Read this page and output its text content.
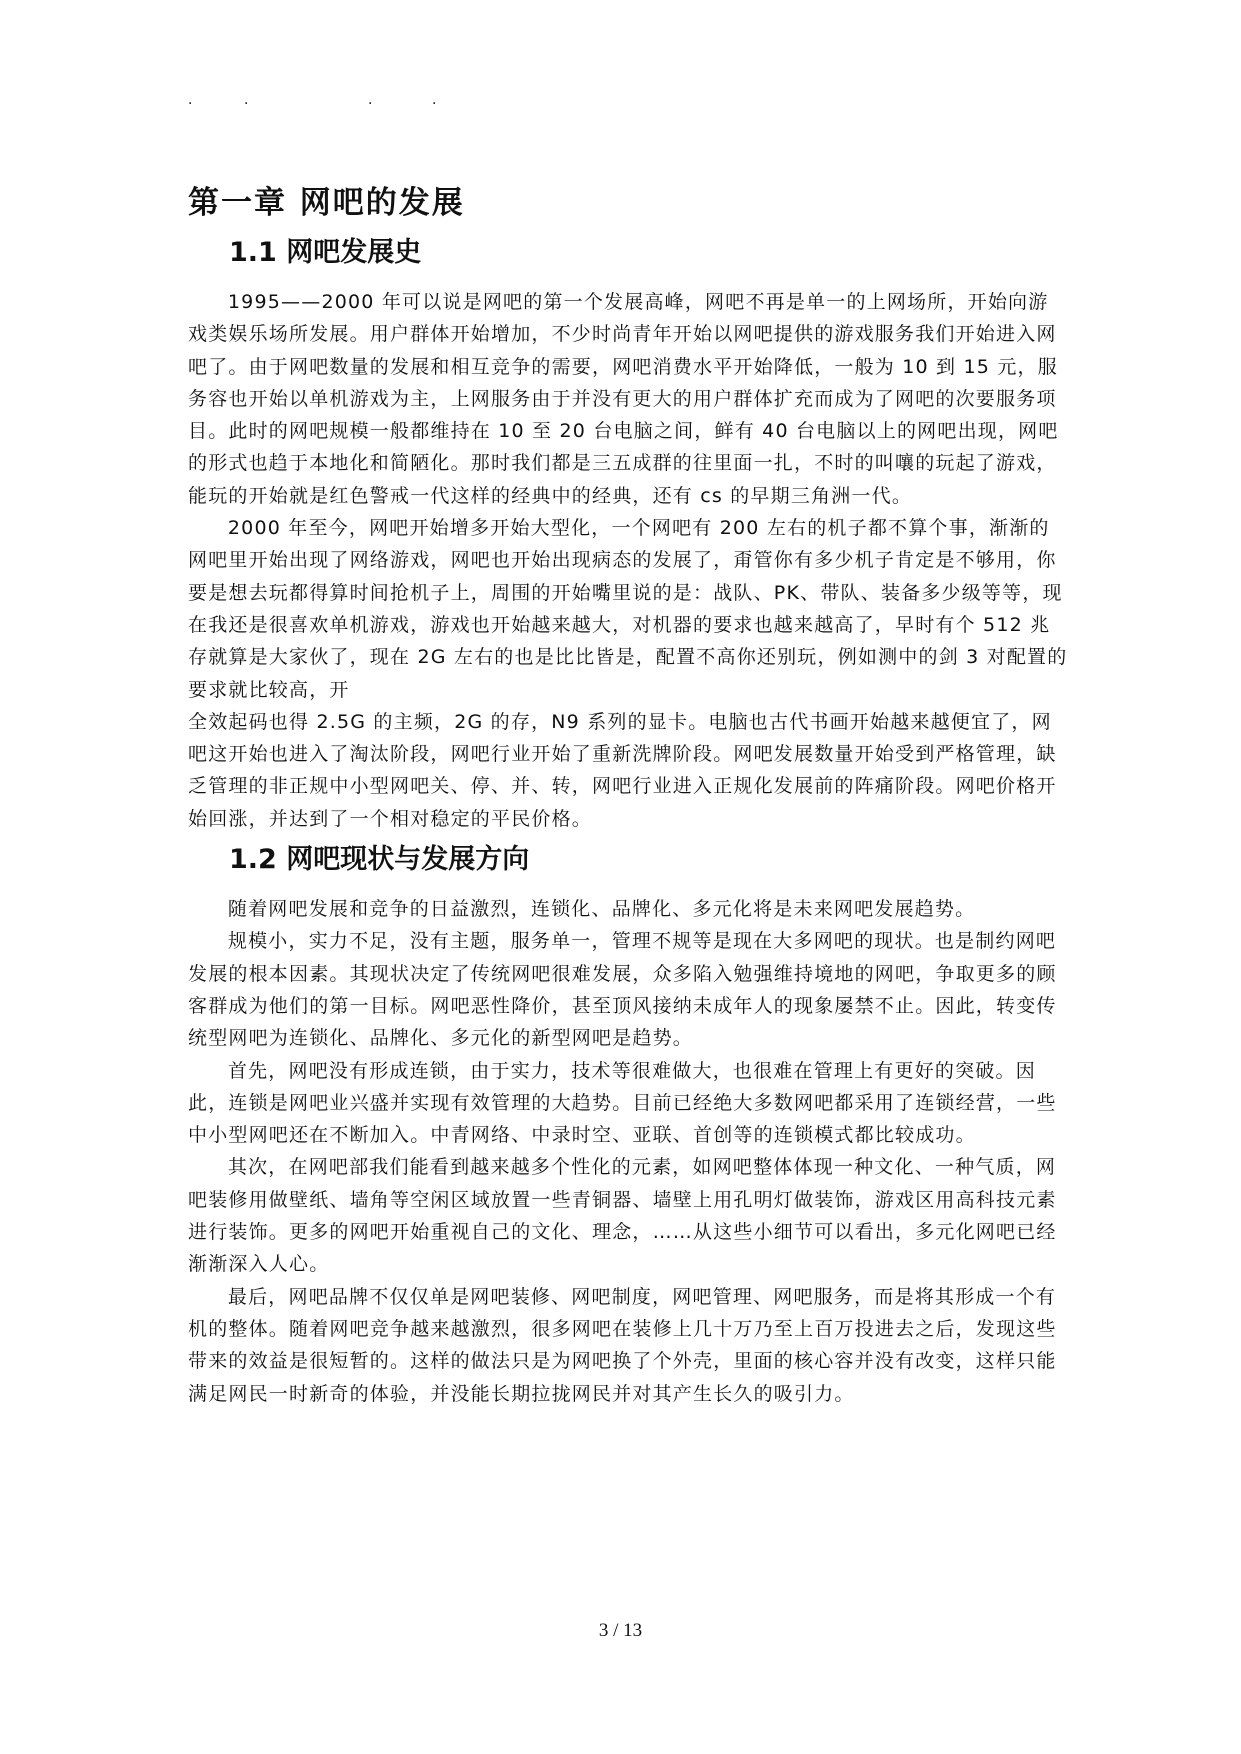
.	.	.	.
第一章 网吧的发展
1.1 网吧发展史

1995——2000 年可以说是网吧的第一个发展高峰，网吧不再是单一的上网场所，开始向游戏类娱乐场所发展。用户群体开始增加，不少时尚青年开始以网吧提供的游戏服务我们开始进入网吧了。由于网吧数量的发展和相互竞争的需要，网吧消费水平开始降低，一般为 10 到 15 元，服务容也开始以单机游戏为主，上网服务由于并没有更大的用户群体扩充而成为了网吧的次要服务项目。此时的网吧规模一般都维持在 10 至 20 台电脑之间，鲜有 40 台电脑以上的网吧出现，网吧的形式也趋于本地化和简陋化。那时我们都是三五成群的往里面一扎，不时的叫嚷的玩起了游戏，能玩的开始就是红色警戒一代这样的经典中的经典，还有 cs 的早期三角洲一代。

2000 年至今，网吧开始增多开始大型化，一个网吧有 200 左右的机子都不算个事，渐渐的网吧里开始出现了网络游戏，网吧也开始出现病态的发展了，甭管你有多少机子肯定是不够用，你要是想去玩都得算时间抢机子上，周围的开始嘴里说的是：战队、PK、带队、装备多少级等等，现在我还是很喜欢单机游戏，游戏也开始越来越大，对机器的要求也越来越高了，早时有个 512 兆存就算是大家伙了，现在 2G 左右的也是比比皆是，配置不高你还别玩，例如测中的剑 3 对配置的要求就比较高，开

全效起码也得 2.5G 的主频，2G 的存，N9 系列的显卡。电脑也古代书画开始越来越便宜了，网吧这开始也进入了淘汰阶段，网吧行业开始了重新洗牌阶段。网吧发展数量开始受到严格管理，缺乏管理的非正规中小型网吧关、停、并、转，网吧行业进入正规化发展前的阵痛阶段。网吧价格开始回涨，并达到了一个相对稳定的平民价格。

1.2 网吧现状与发展方向

随着网吧发展和竞争的日益激烈，连锁化、品牌化、多元化将是未来网吧发展趋势。

规模小，实力不足，没有主题，服务单一，管理不规等是现在大多网吧的现状。也是制约网吧发展的根本因素。其现状决定了传统网吧很难发展，众多陷入勉强维持境地的网吧，争取更多的顾客群成为他们的第一目标。网吧恶性降价，甚至顶风接纳未成年人的现象屡禁不止。因此，转变传统型网吧为连锁化、品牌化、多元化的新型网吧是趋势。

首先，网吧没有形成连锁，由于实力，技术等很难做大，也很难在管理上有更好的突破。因此，连锁是网吧业兴盛并实现有效管理的大趋势。目前已经绝大多数网吧都采用了连锁经营，一些中小型网吧还在不断加入。中青网络、中录时空、亚联、首创等的连锁模式都比较成功。

其次，在网吧部我们能看到越来越多个性化的元素，如网吧整体体现一种文化、一种气质，网吧装修用做壁纸、墙角等空闲区域放置一些青铜器、墙壁上用孔明灯做装饰，游戏区用高科技元素进行装饰。更多的网吧开始重视自己的文化、理念，……从这些小细节可以看出，多元化网吧已经渐渐深入人心。

最后，网吧品牌不仅仅单是网吧装修、网吧制度，网吧管理、网吧服务，而是将其形成一个有机的整体。随着网吧竞争越来越激烈，很多网吧在装修上几十万乃至上百万投进去之后，发现这些带来的效益是很短暂的。这样的做法只是为网吧换了个外壳，里面的核心容并没有改变，这样只能满足网民一时新奇的体验，并没能长期拉拢网民并对其产生长久的吸引力。

3 / 13
